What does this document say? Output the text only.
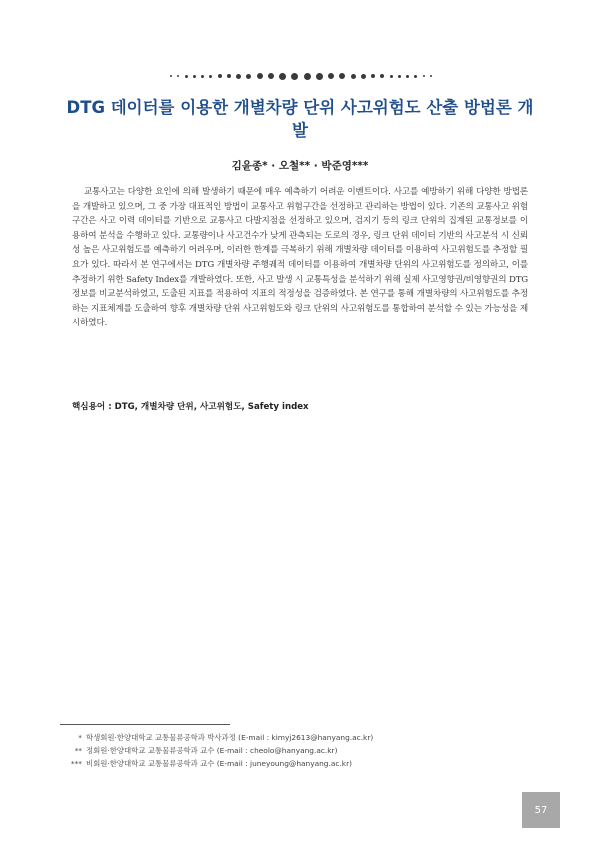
DTG 데이터를 이용한 개별차량 단위 사고위험도 산출 방법론 개발
김윤종* · 오철** · 박준영***

교통사고는 다양한 요인에 의해 발생하기 때문에 매우 예측하기 어려운 이벤트이다. 사고를 예방하기 위해 다양한 방법론을 개발하고 있으며, 그 중 가장 대표적인 방법이 교통사고 위험구간을 선정하고 관리하는 방법이 있다. 기존의 교통사고 위험구간은 사고 이력 데이터를 기반으로 교통사고 다발지점을 선정하고 있으며, 검지기 등의 링크 단위의 집계된 교통정보를 이용하여 분석을 수행하고 있다. 교통량이나 사고건수가 낮게 관측되는 도로의 경우, 링크 단위 데이터 기반의 사고분석 시 신뢰성 높은 사고위험도를 예측하기 어려우며, 이러한 한계를 극복하기 위해 개별차량 데이터를 이용하여 사고위험도를 추정할 필요가 있다. 따라서 본 연구에서는 DTG 개별차량 주행궤적 데이터를 이용하여 개별차량 단위의 사고위험도를 정의하고, 이를 추정하기 위한 Safety Index를 개발하였다. 또한, 사고 발생 시 교통특성을 분석하기 위해 실제 사고영향권/비영향권의 DTG 정보를 비교분석하였고, 도출된 지표를 적용하여 지표의 적정성을 검증하였다. 본 연구를 통해 개별차량의 사고위험도를 추정하는 지표체계를 도출하여 향후 개별차량 단위 사고위험도와 링크 단위의 사고위험도를 통합하여 분석할 수 있는 가능성을 제시하였다.

핵심용어 : DTG, 개별차량 단위, 사고위험도, Safety index
* 학생회원·한양대학교 교통물류공학과 박사과정 (E-mail : kimyj2613@hanyang.ac.kr)
** 정회원·한양대학교 교통물류공학과 교수 (E-mail : cheolo@hanyang.ac.kr)
*** 비회원·한양대학교 교통물류공학과 교수 (E-mail : juneyoung@hanyang.ac.kr)
57
